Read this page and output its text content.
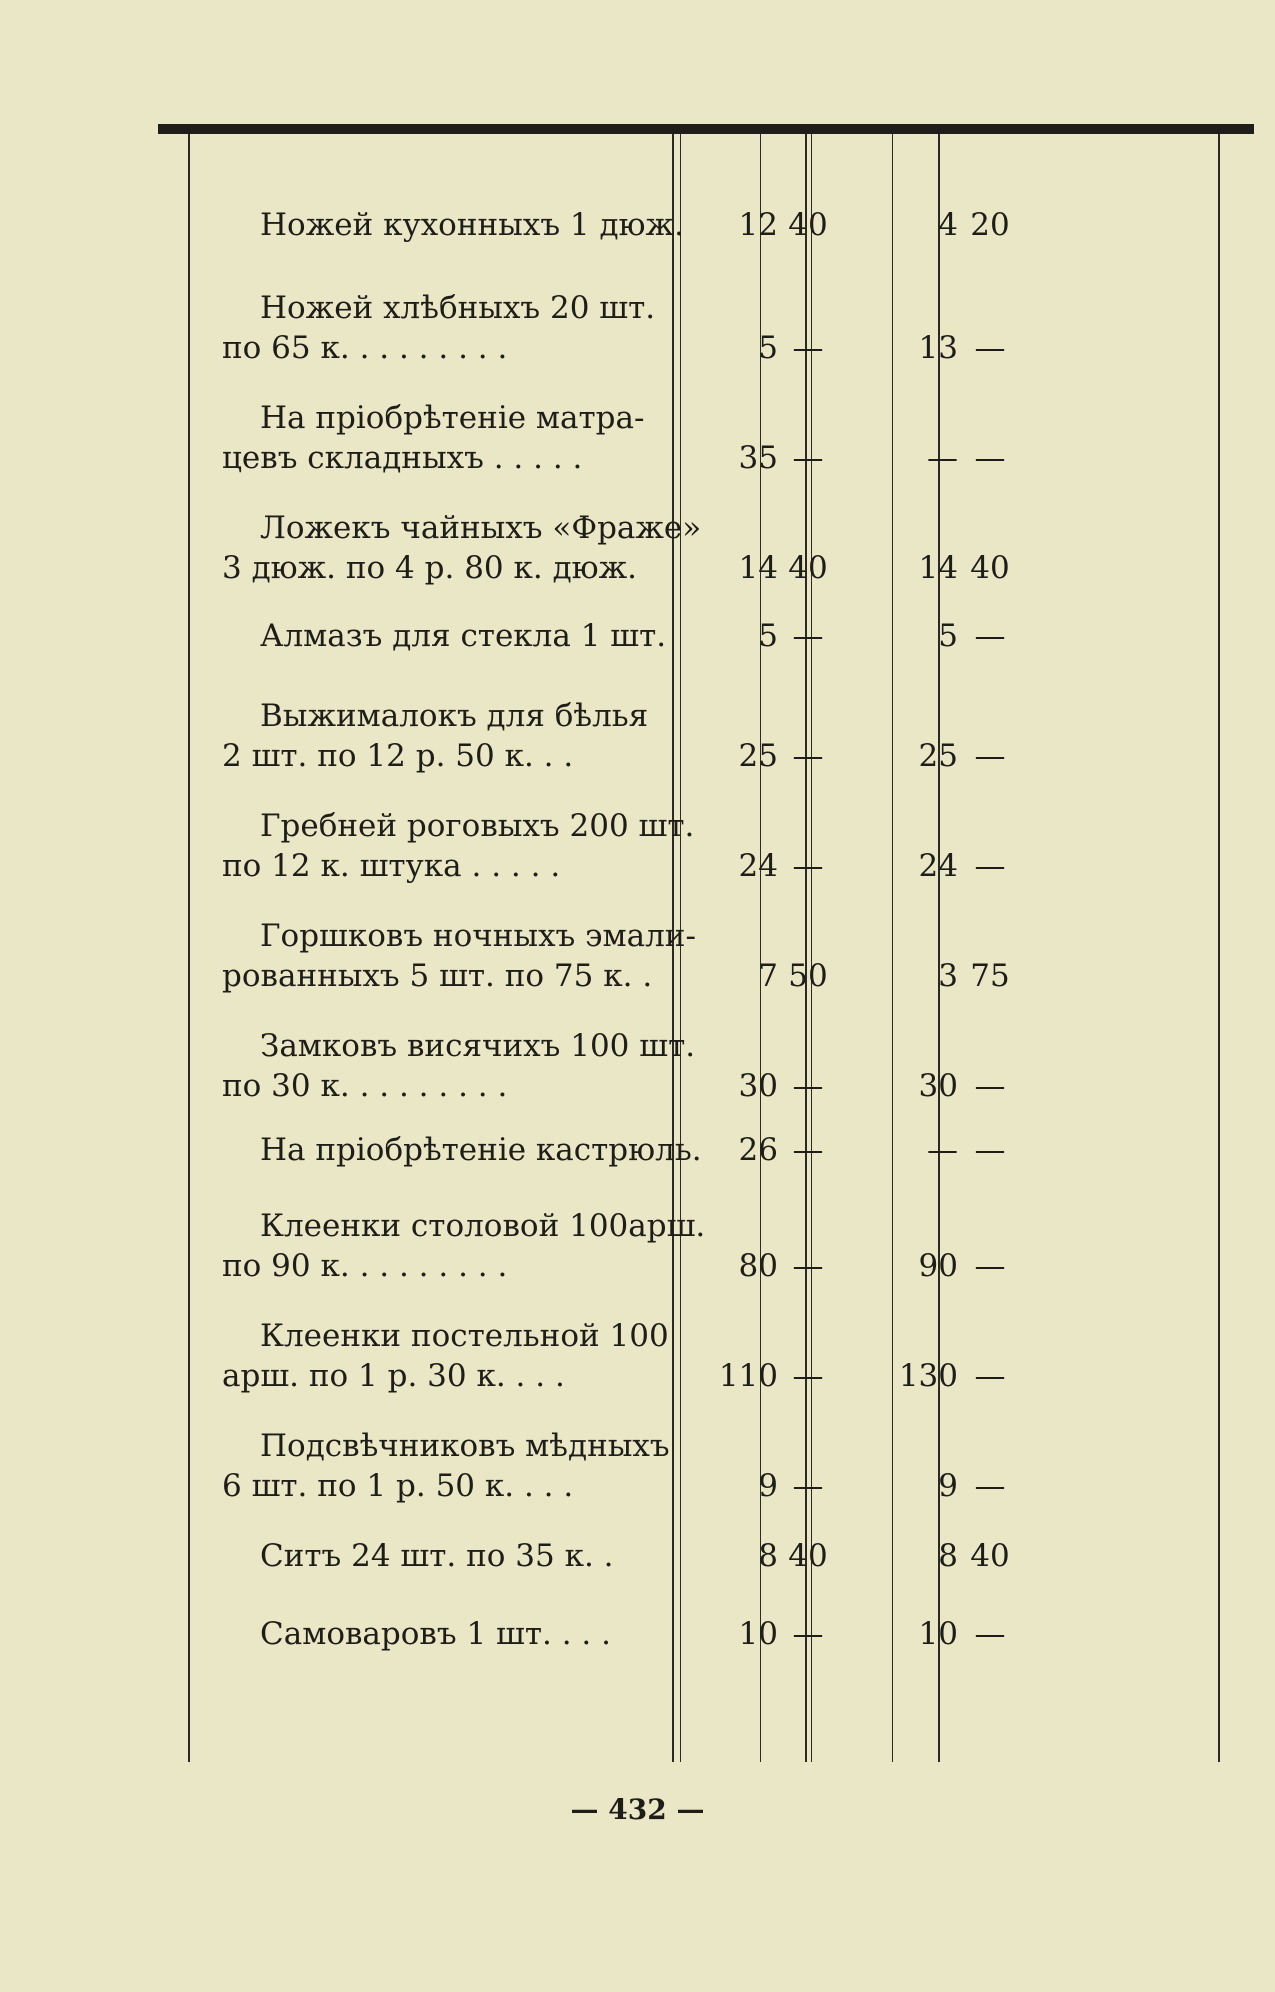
Ножей кухонныхъ 1 дюж.	12 40	4 20
Ножей хлѣбныхъ 20 шт.
по 65 к. . . . . . . . .	5 —	13 —
На пріобрѣтеніе матра-
цевъ складныхъ . . . . .	35 —	— —
Ложекъ чайныхъ «Фраже»
3 дюж. по 4 р. 80 к. дюж.	14 40	14 40
Алмазъ для стекла 1 шт.	5 —	5 —
Выжималокъ для бѣлья
2 шт. по 12 р. 50 к. . .	25 —	25 —
Гребней роговыхъ 200 шт.
по 12 к. штука . . . . .	24 —	24 —
Горшковъ ночныхъ эмали-
рованныхъ 5 шт. по 75 к. .	7 50	3 75
Замковъ висячихъ 100 шт.
по 30 к. . . . . . . . .	30 —	30 —
На пріобрѣтеніе кастрюль.	26 —	— —
Клеенки столовой 100арш.
по 90 к. . . . . . . . .	80 —	90 —
Клеенки постельной 100
арш. по 1 р. 30 к. . . .	110 —	130 —
Подсвѣчниковъ мѣдныхъ
6 шт. по 1 р. 50 к. . . .	9 —	9 —
Ситъ 24 шт. по 35 к. .	8 40	8 40
Самоваровъ 1 шт. . . .	10 —	10 —
— 432 —
